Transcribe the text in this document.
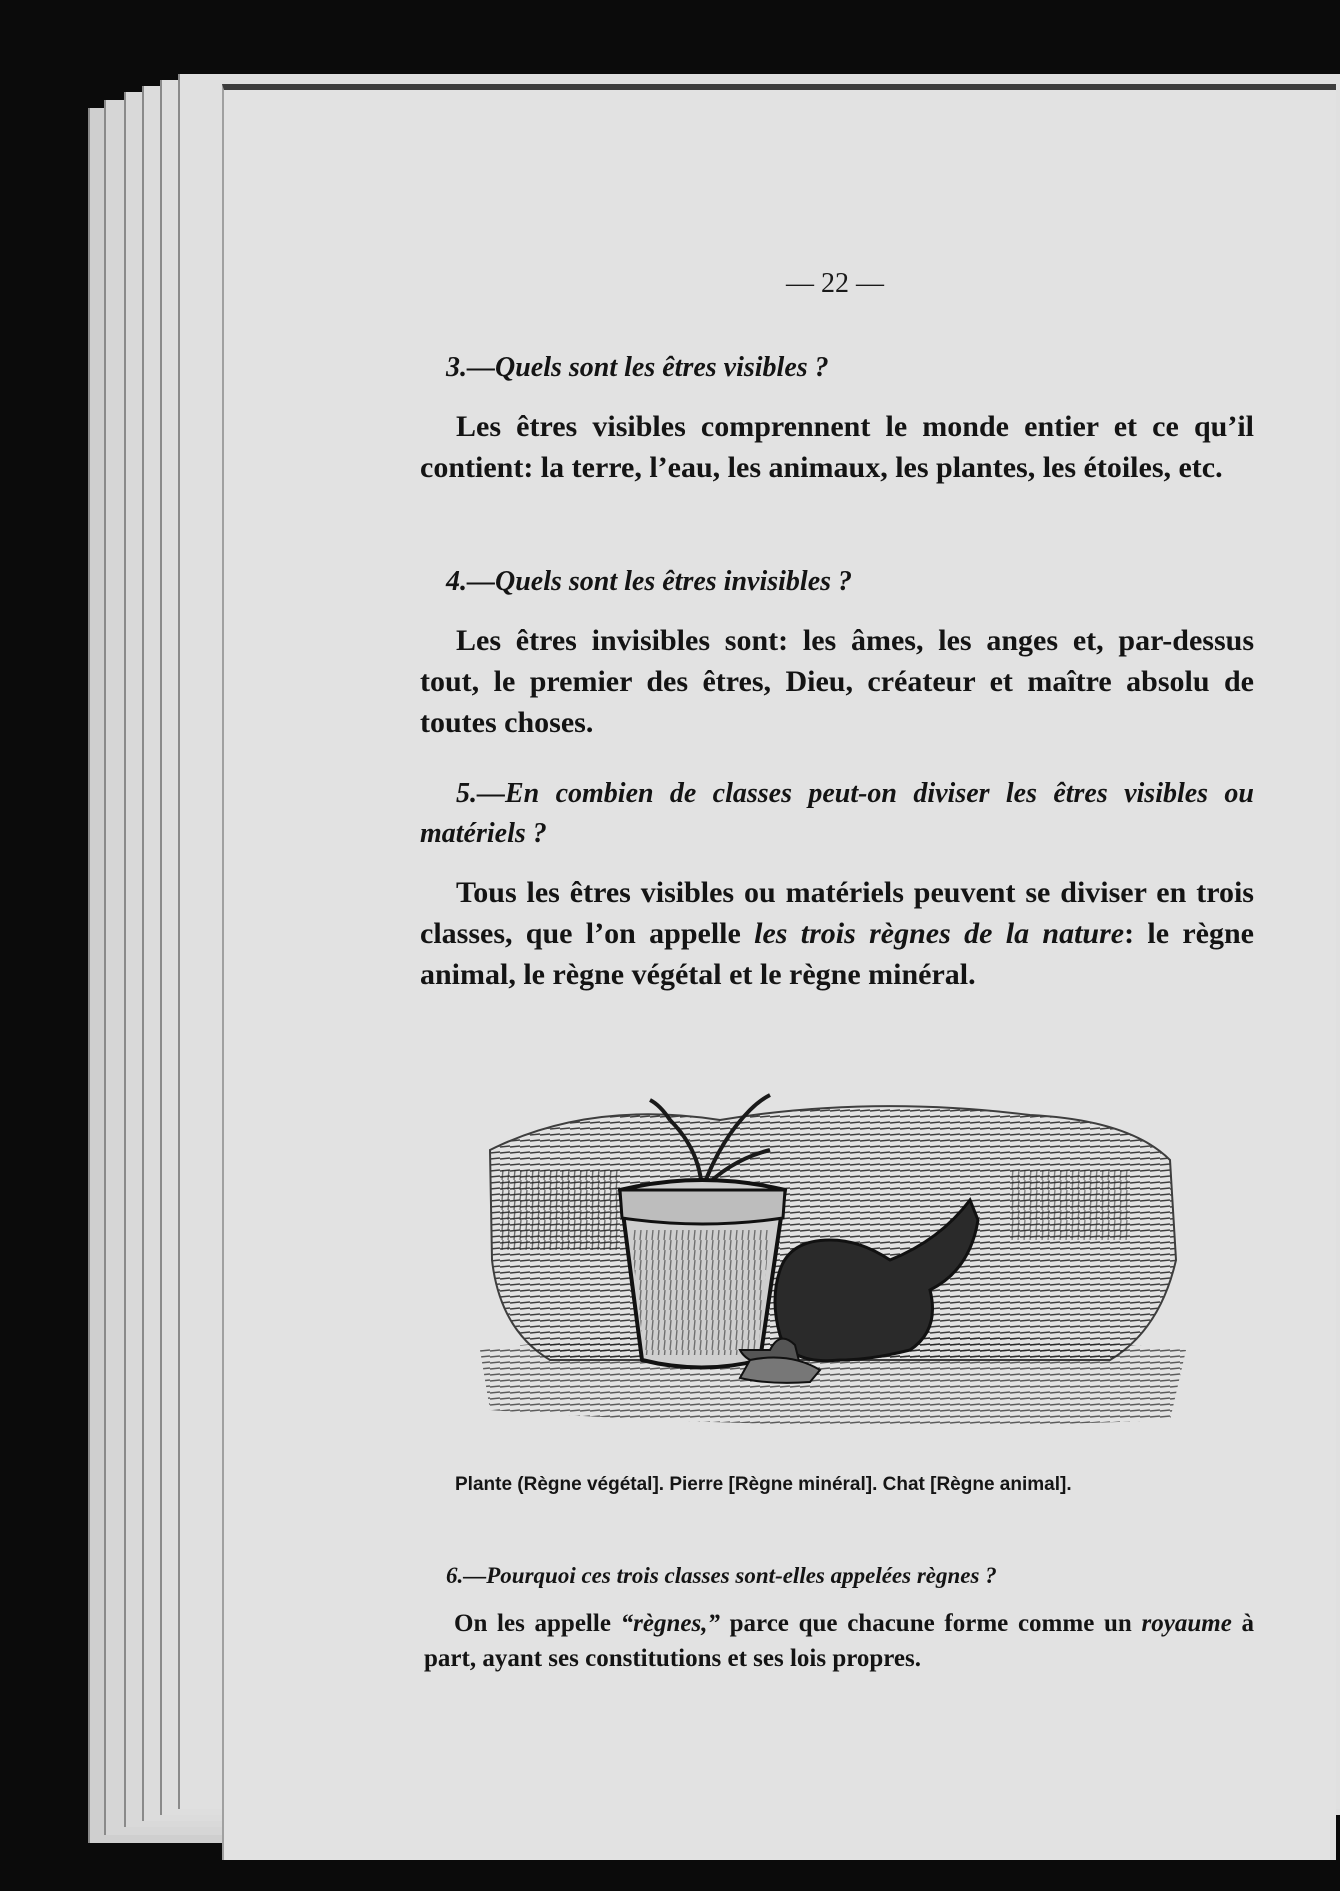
— 22 —
3.—Quels sont les êtres visibles ?
Les êtres visibles comprennent le monde entier et ce qu’il contient: la terre, l’eau, les animaux, les plantes, les étoiles, etc.
4.—Quels sont les êtres invisibles ?
Les êtres invisibles sont: les âmes, les anges et, par-dessus tout, le premier des êtres, Dieu, créateur et maître absolu de toutes choses.
5.—En combien de classes peut-on diviser les êtres visibles ou matériels ?
Tous les êtres visibles ou matériels peuvent se diviser en trois classes, que l’on appelle les trois règnes de la nature: le règne animal, le règne végétal et le règne minéral.
Plante (Règne végétal]. Pierre [Règne minéral]. Chat [Règne animal].
6.—Pourquoi ces trois classes sont-elles appelées règnes ?
On les appelle “règnes,” parce que chacune forme comme un royaume à part, ayant ses constitutions et ses lois propres.
